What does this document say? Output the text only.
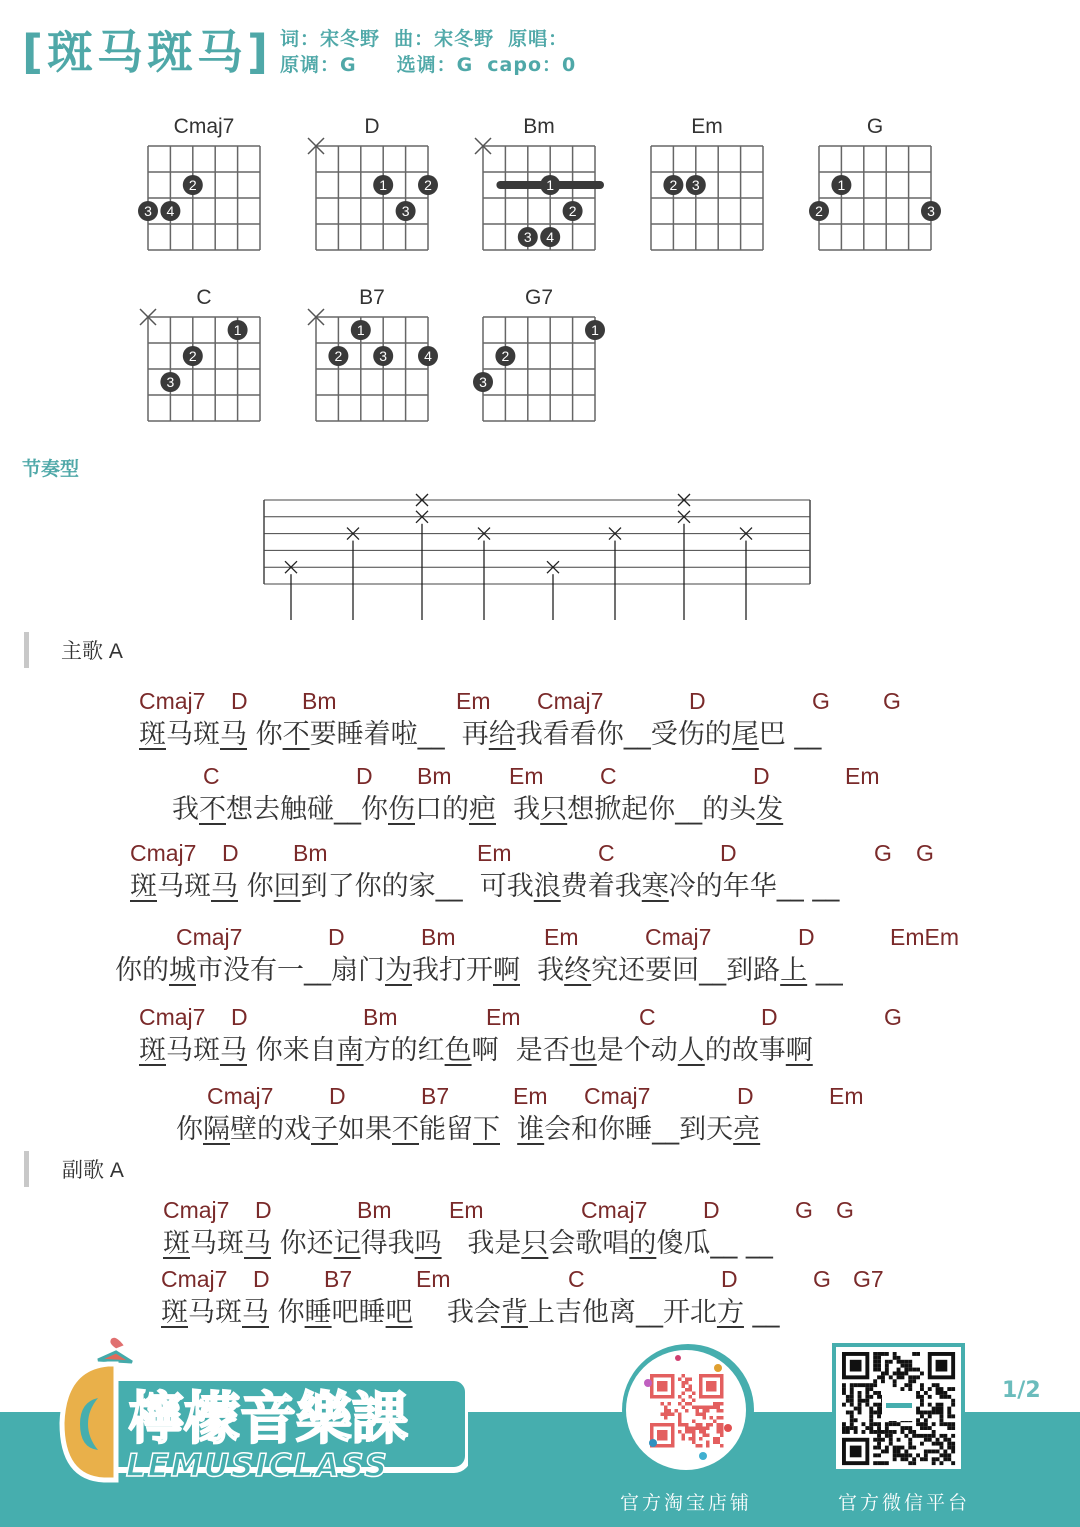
[斑马斑马] 词：宋冬野 曲：宋冬野 原唱：
原调：G 选调：G capo：0
Cmaj7
3 4
2
D
1	2
3
Bm
1
2
3 4
Em
2 3
G
1
2	3
C
1
2
3
B7
1
2	3	4
G7
1
2
3
节奏型
主歌 A
副歌 A
Cmaj7 D Bm	Em Cmaj7	D	G G
斑马斑马 你不要睡着啦__  再给我看看你__受伤的尾巴 __
C	D Bm	Em C	D	Em
我不想去触碰__你伤口的疤  我只想掀起你__的头发
Cmaj7 D Bm	Em	C	D	G G
斑马斑马 你回到了你的家__  可我浪费着我寒冷的年华__ __
Cmaj7	D	Bm	Em	Cmaj7	D	EmEm
你的城市没有一__扇门为我打开啊  我终究还要回__到路上 __
Cmaj7 D	Bm	Em	C	D	G
斑马斑马 你来自南方的红色啊  是否也是个动人的故事啊
Cmaj7 D	B7	Em Cmaj7	D	Em
你隔壁的戏子如果不能留下 谁会和你睡__到天亮
Cmaj7 D	Bm	Em	Cmaj7 D	G G
斑马斑马 你还记得我吗   我是只会歌唱的傻瓜__ __
Cmaj7 D B7	Em	C	D	G G7
斑马斑马 你睡吧睡吧    我会背上吉他离__开北方 __
檸檬音樂課
LEMUSICLASS
官方淘宝店铺	官方微信平台
1/2
